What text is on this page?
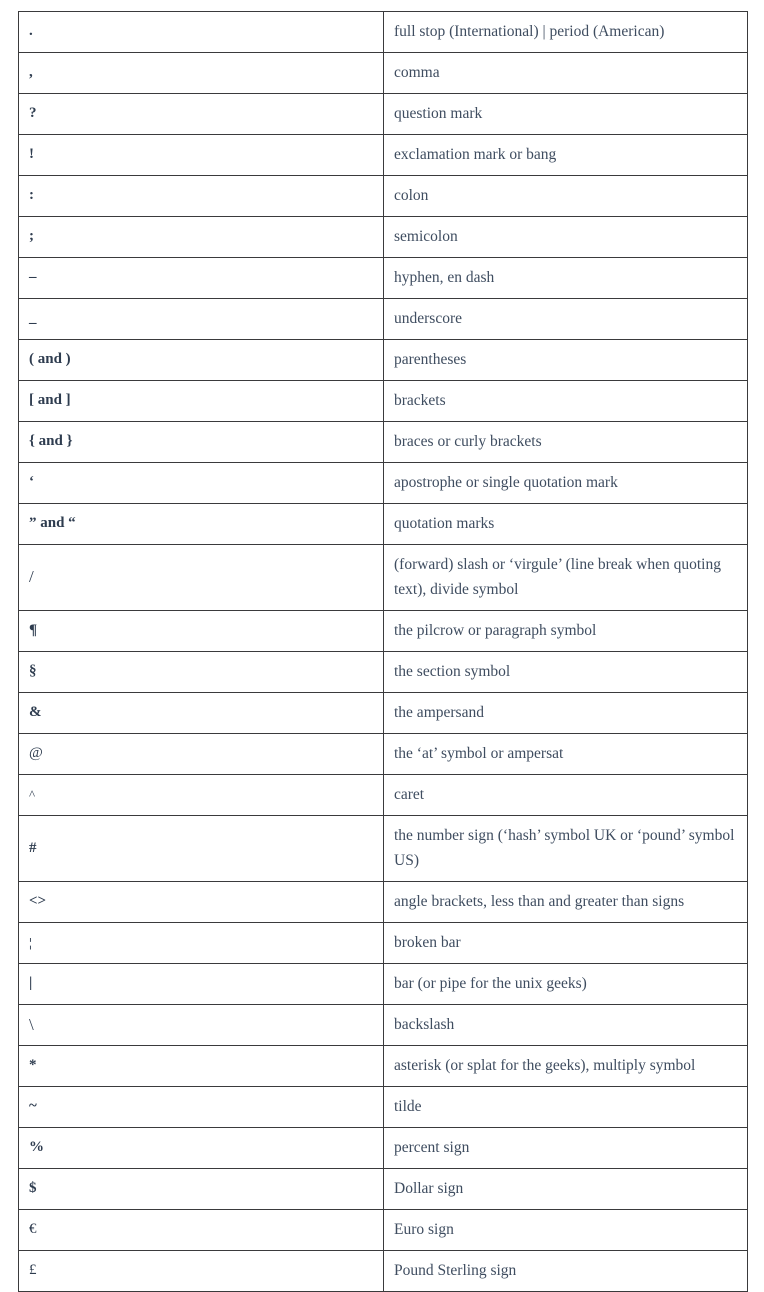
.	full stop (International) | period (American)
,	comma
?	question mark
!	exclamation mark or bang
:	colon
;	semicolon
–	hyphen, en dash
_	underscore
( and )	parentheses
[ and ]	brackets
{ and }	braces or curly brackets
‘	apostrophe or single quotation mark
” and “	quotation marks
/	(forward) slash or ‘virgule’ (line break when quoting text), divide symbol
¶	the pilcrow or paragraph symbol
§	the section symbol
&	the ampersand
@	the ‘at’ symbol or ampersat
^	caret
#	the number sign (‘hash’ symbol UK or ‘pound’ symbol US)
<>	angle brackets, less than and greater than signs
¦	broken bar
|	bar (or pipe for the unix geeks)
\	backslash
*	asterisk (or splat for the geeks), multiply symbol
~	tilde
%	percent sign
$	Dollar sign
€	Euro sign
£	Pound Sterling sign
